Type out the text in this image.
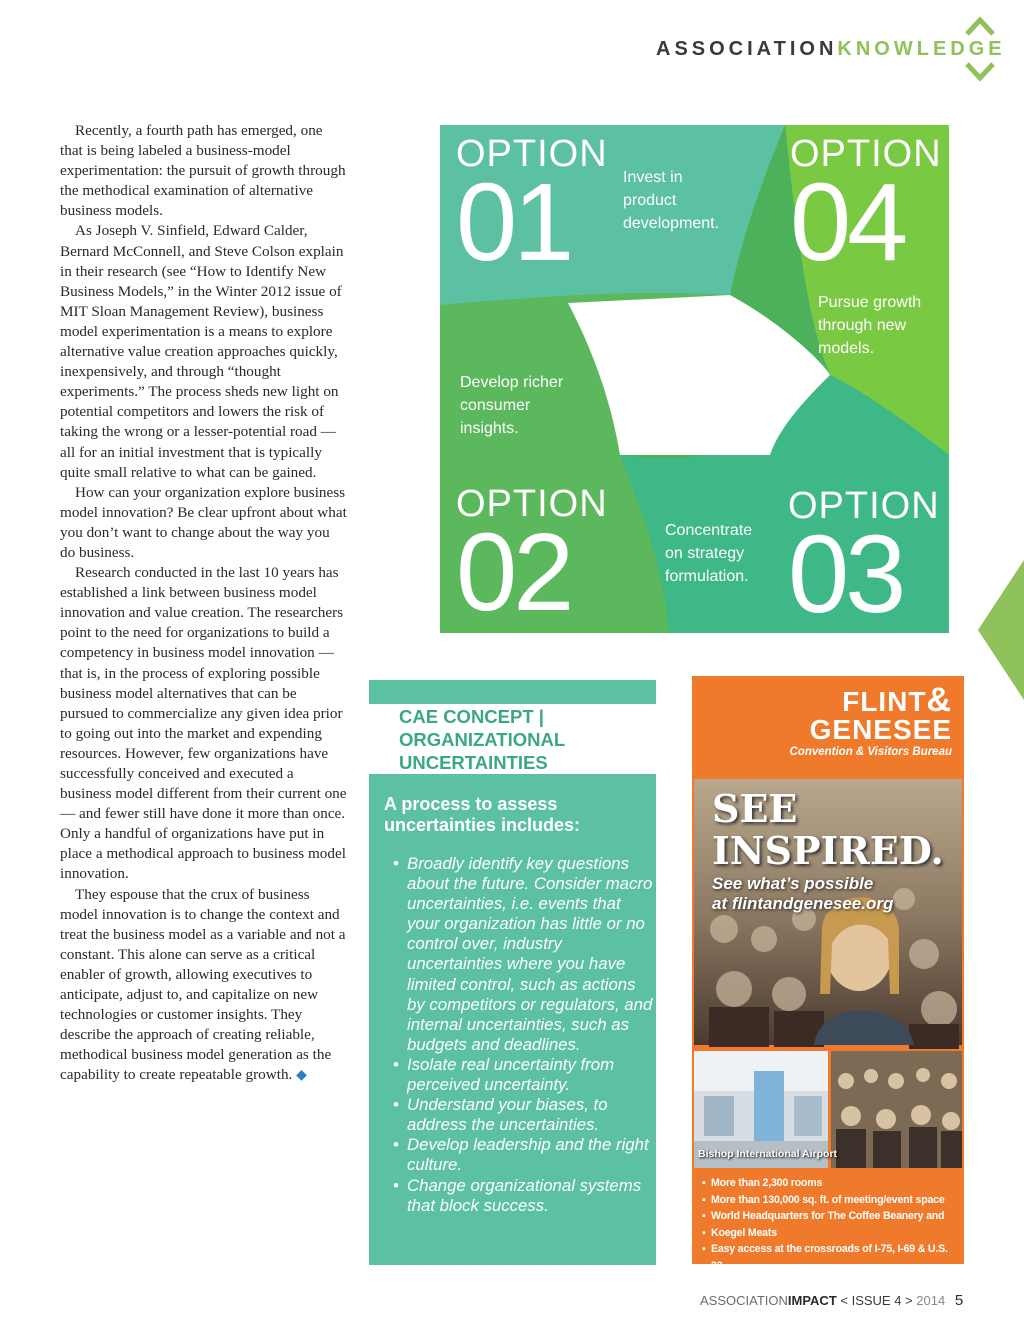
ASSOCIATIONKNOWLEDGE

Recently, a fourth path has emerged, one that is being labeled a business-model experimentation: the pursuit of growth through the methodical examination of alternative business models.

As Joseph V. Sinfield, Edward Calder, Bernard McConnell, and Steve Colson explain in their research (see “How to Identify New Business Models,” in the Winter 2012 issue of MIT Sloan Management Review), business model experimentation is a means to explore alternative value creation approaches quickly, inexpensively, and through “thought experiments.” The process sheds new light on potential competitors and lowers the risk of taking the wrong or a lesser-potential road — all for an initial investment that is typically quite small relative to what can be gained.

How can your organization explore business model innovation? Be clear upfront about what you don’t want to change about the way you do business.

Research conducted in the last 10 years has established a link between business model innovation and value creation. The researchers point to the need for organizations to build a competency in business model innovation — that is, in the process of exploring possible business model alternatives that can be pursued to commercialize any given idea prior to going out into the market and expending resources. However, few organizations have successfully conceived and executed a business model different from their current one — and fewer still have done it more than once. Only a handful of organizations have put in place a methodical approach to business model innovation.

They espouse that the crux of business model innovation is to change the context and treat the business model as a variable and not a constant. This alone can serve as a critical enabler of growth, allowing executives to anticipate, adjust to, and capitalize on new technologies or customer insights. They describe the approach of creating reliable, methodical business model generation as the capability to create repeatable growth. ◆

OPTION
01	Invest in
product
development.
OPTION
04
Pursue growth
through new
models.
Develop richer
consumer
insights.
OPTION
02	Concentrate
on strategy
formulation.
OPTION
03
CAE CONCEPT |
ORGANIZATIONAL
UNCERTAINTIES
A process to assess
uncertainties includes:
• Broadly identify key questions about the future. Consider macro uncertainties, i.e. events that your organization has little or no control over, industry uncertainties where you have limited control, such as actions by competitors or regulators, and internal uncertainties, such as budgets and deadlines.
• Isolate real uncertainty from perceived uncertainty.
• Understand your biases, to address the uncertainties.
• Develop leadership and the right culture.
• Change organizational systems that block success.
FLINT&
GENESEE
Convention & Visitors Bureau
SEE
INSPIRED.
See what’s possible
at flintandgenesee.org
Bishop International Airport
▪ More than 2,300 rooms
▪ More than 130,000 sq. ft. of meeting/event space
▪ World Headquarters for The Coffee Beanery and
▪ Koegel Meats
▪ Easy access at the crossroads of I-75, I-69 & U.S. 23
ASSOCIATIONIMPACT < ISSUE 4 > 2014 5
